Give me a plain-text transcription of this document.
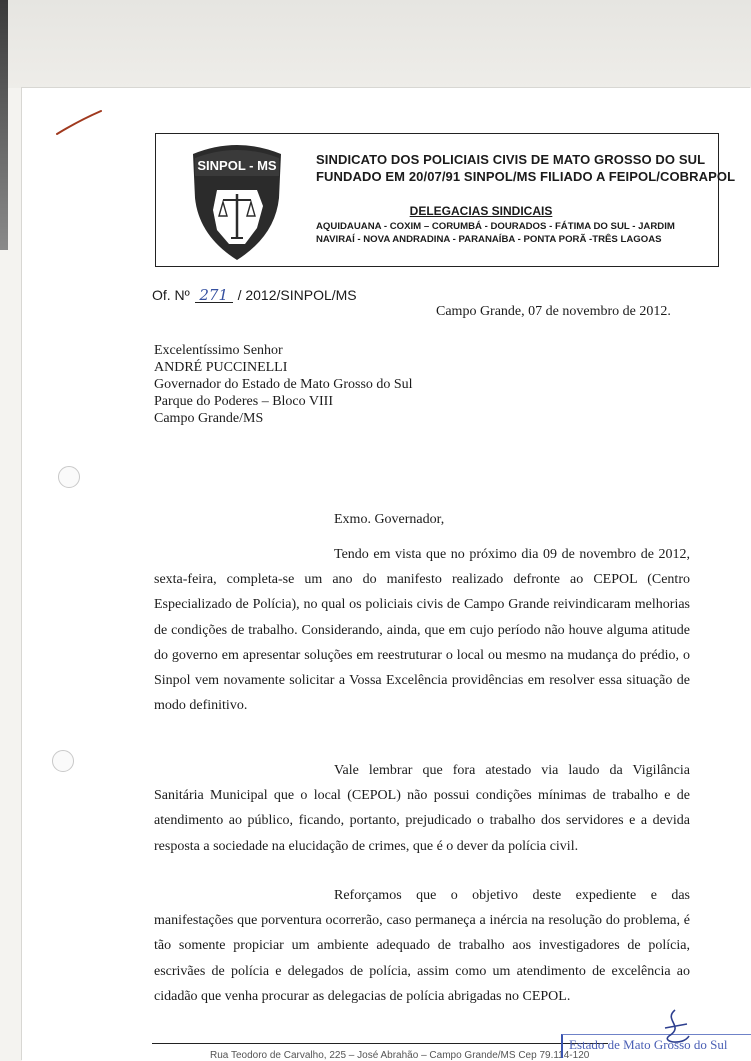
SINPOL - MS	SINDICATO DOS POLICIAIS CIVIS DE MATO GROSSO DO SUL
FUNDADO EM 20/07/91 SINPOL/MS FILIADO A FEIPOL/COBRAPOL
DELEGACIAS SINDICAIS
AQUIDAUANA - COXIM – CORUMBÁ - DOURADOS - FÁTIMA DO SUL - JARDIM
NAVIRAÍ - NOVA ANDRADINA - PARANAÍBA - PONTA PORÃ -TRÊS LAGOAS
Of. Nº 271 / 2012/SINPOL/MS
Campo Grande, 07 de novembro de 2012.
Excelentíssimo Senhor
ANDRÉ PUCCINELLI
Governador do Estado de Mato Grosso do Sul
Parque do Poderes – Bloco VIII
Campo Grande/MS
Exmo. Governador,
Tendo em vista que no próximo dia 09 de novembro de 2012, sexta-feira, completa-se um ano do manifesto realizado defronte ao CEPOL (Centro Especializado de Polícia), no qual os policiais civis de Campo Grande reivindicaram melhorias de condições de trabalho. Considerando, ainda, que em cujo período não houve alguma atitude do governo em apresentar soluções em reestruturar o local ou mesmo na mudança do prédio, o Sinpol vem novamente solicitar a Vossa Excelência providências em resolver essa situação de modo definitivo.
Vale lembrar que fora atestado via laudo da Vigilância Sanitária Municipal que o local (CEPOL) não possui condições mínimas de trabalho e de atendimento ao público, ficando, portanto, prejudicado o trabalho dos servidores e a devida resposta a sociedade na elucidação de crimes, que é o dever da polícia civil.
Reforçamos que o objetivo deste expediente e das manifestações que porventura ocorrerão, caso permaneça a inércia na resolução do problema, é tão somente propiciar um ambiente adequado de trabalho aos investigadores de polícia, escrivães de polícia e delegados de polícia, assim como um atendimento de excelência ao cidadão que venha procurar as delegacias de polícia abrigadas no CEPOL.
Rua Teodoro de Carvalho, 225 – José Abrahão – Campo Grande/MS Cep 79.114-120
Estado de Mato Grosso do Sul
